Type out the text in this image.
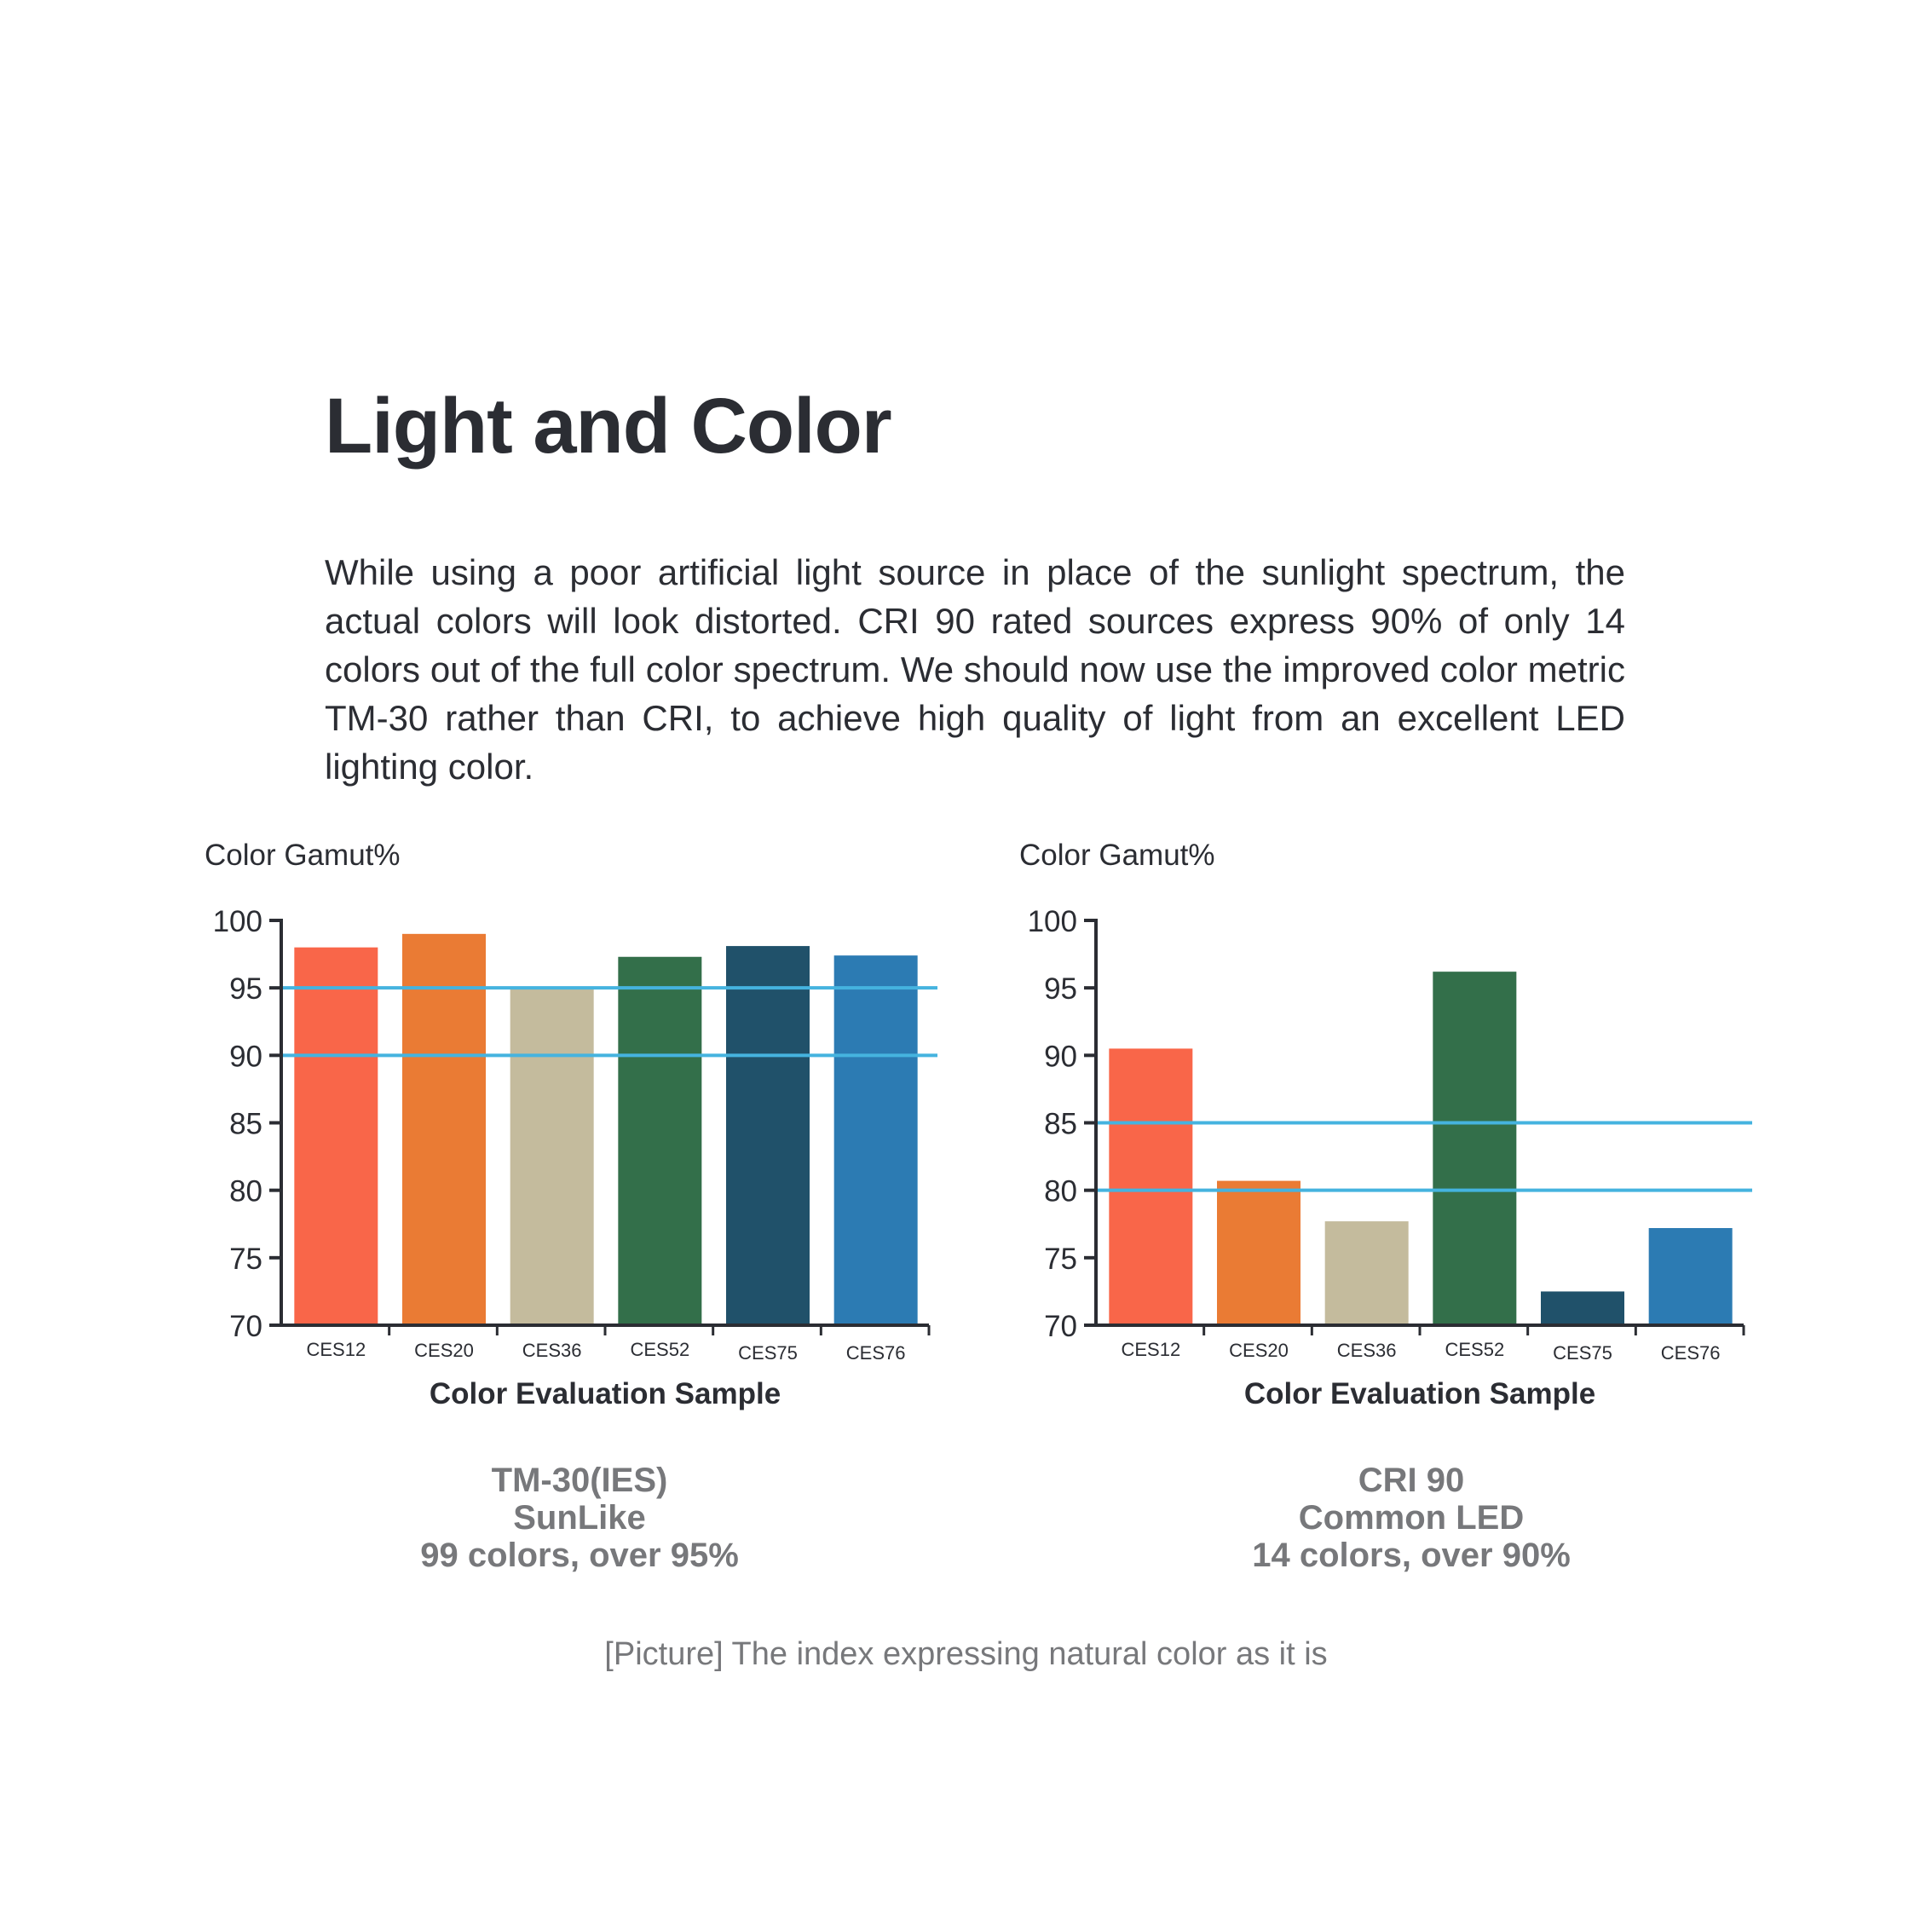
Light and Color

While using a poor artificial light source in place of the sunlight spectrum, the actual colors will look distorted. CRI 90 rated sources express 90% of only 14 colors out of the full color spectrum. We should now use the improved color metric TM-30 rather than CRI, to achieve high quality of light from an excellent LED lighting color.

Color Gamut%
70
75
80
85
90
95
100
CES12	CES20	CES36	CES52	CES75	CES76
Color Evaluation Sample
Color Gamut%
70
75
80
85
90
95
100
CES12	CES20	CES36	CES52	CES75	CES76
Color Evaluation Sample
TM-30(IES)
SunLike
99 colors, over 95%
CRI 90
Common LED
14 colors, over 90%
[Picture] The index expressing natural color as it is
